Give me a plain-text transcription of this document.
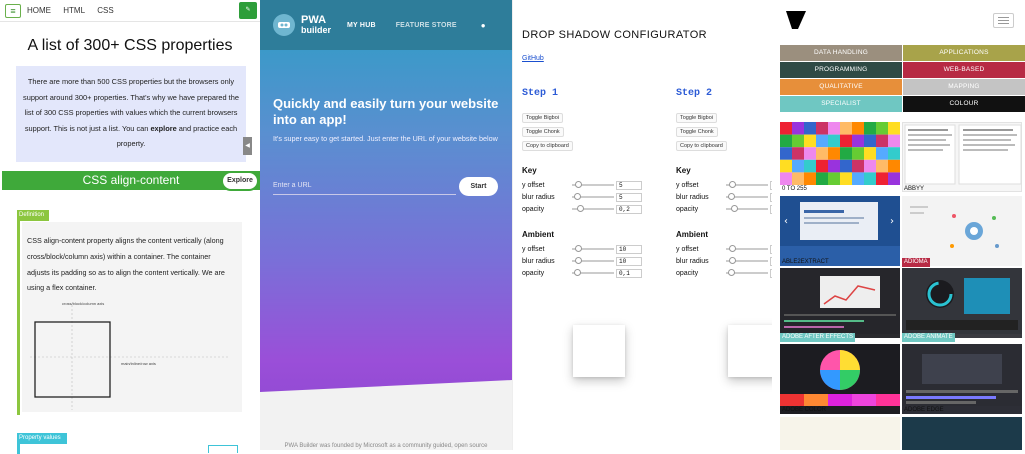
≡	HOME HTML CSS	✎
A list of 300+ CSS properties
There are more than 500 CSS properties but the browsers only support around 300+ properties. That's why we have prepared the list of 300 CSS properties with values which the current browsers support. This is not just a list. You can explore and practice each property.	◀
CSS align-content	Explore
Definition
CSS align-content property aligns the content vertically (along cross/block/column axis) within a container. The container adjusts its padding so as to align the content vertically. We are using a flex container.
cross/block/column axis
main/inline/row axis
Property values
PWA
builder MY HUB	FEATURE STORE	●
Quickly and easily turn your website into an app!
It's super easy to get started. Just enter the URL of your website below
Enter a URL
Start
PWA Builder was founded by Microsoft as a community guided, open source
DROP SHADOW CONFIGURATOR
GitHub
Step 1
Toggle Bigboi
Toggle Chonk
Copy to clipboard
Key
y offset	5
blur radius	5
opacity	0,2
Ambient
y offset	10
blur radius	10
opacity	0,1
Step 2
Toggle Bigboi
Toggle Chonk
Copy to clipboard
Key
y offset
blur radius
opacity
Ambient
y offset
blur radius
opacity
DATA HANDLING	APPLICATIONS
PROGRAMMING	WEB-BASED
QUALITATIVE	MAPPING
SPECIALIST	COLOUR
0 TO 255	ABBYY
‹	›
ABLE2EXTRACT	ADIOMA
ADOBE AFTER EFFECTS	ADOBE ANIMATE
ADOBE COLOR	ADOBE EDGE
